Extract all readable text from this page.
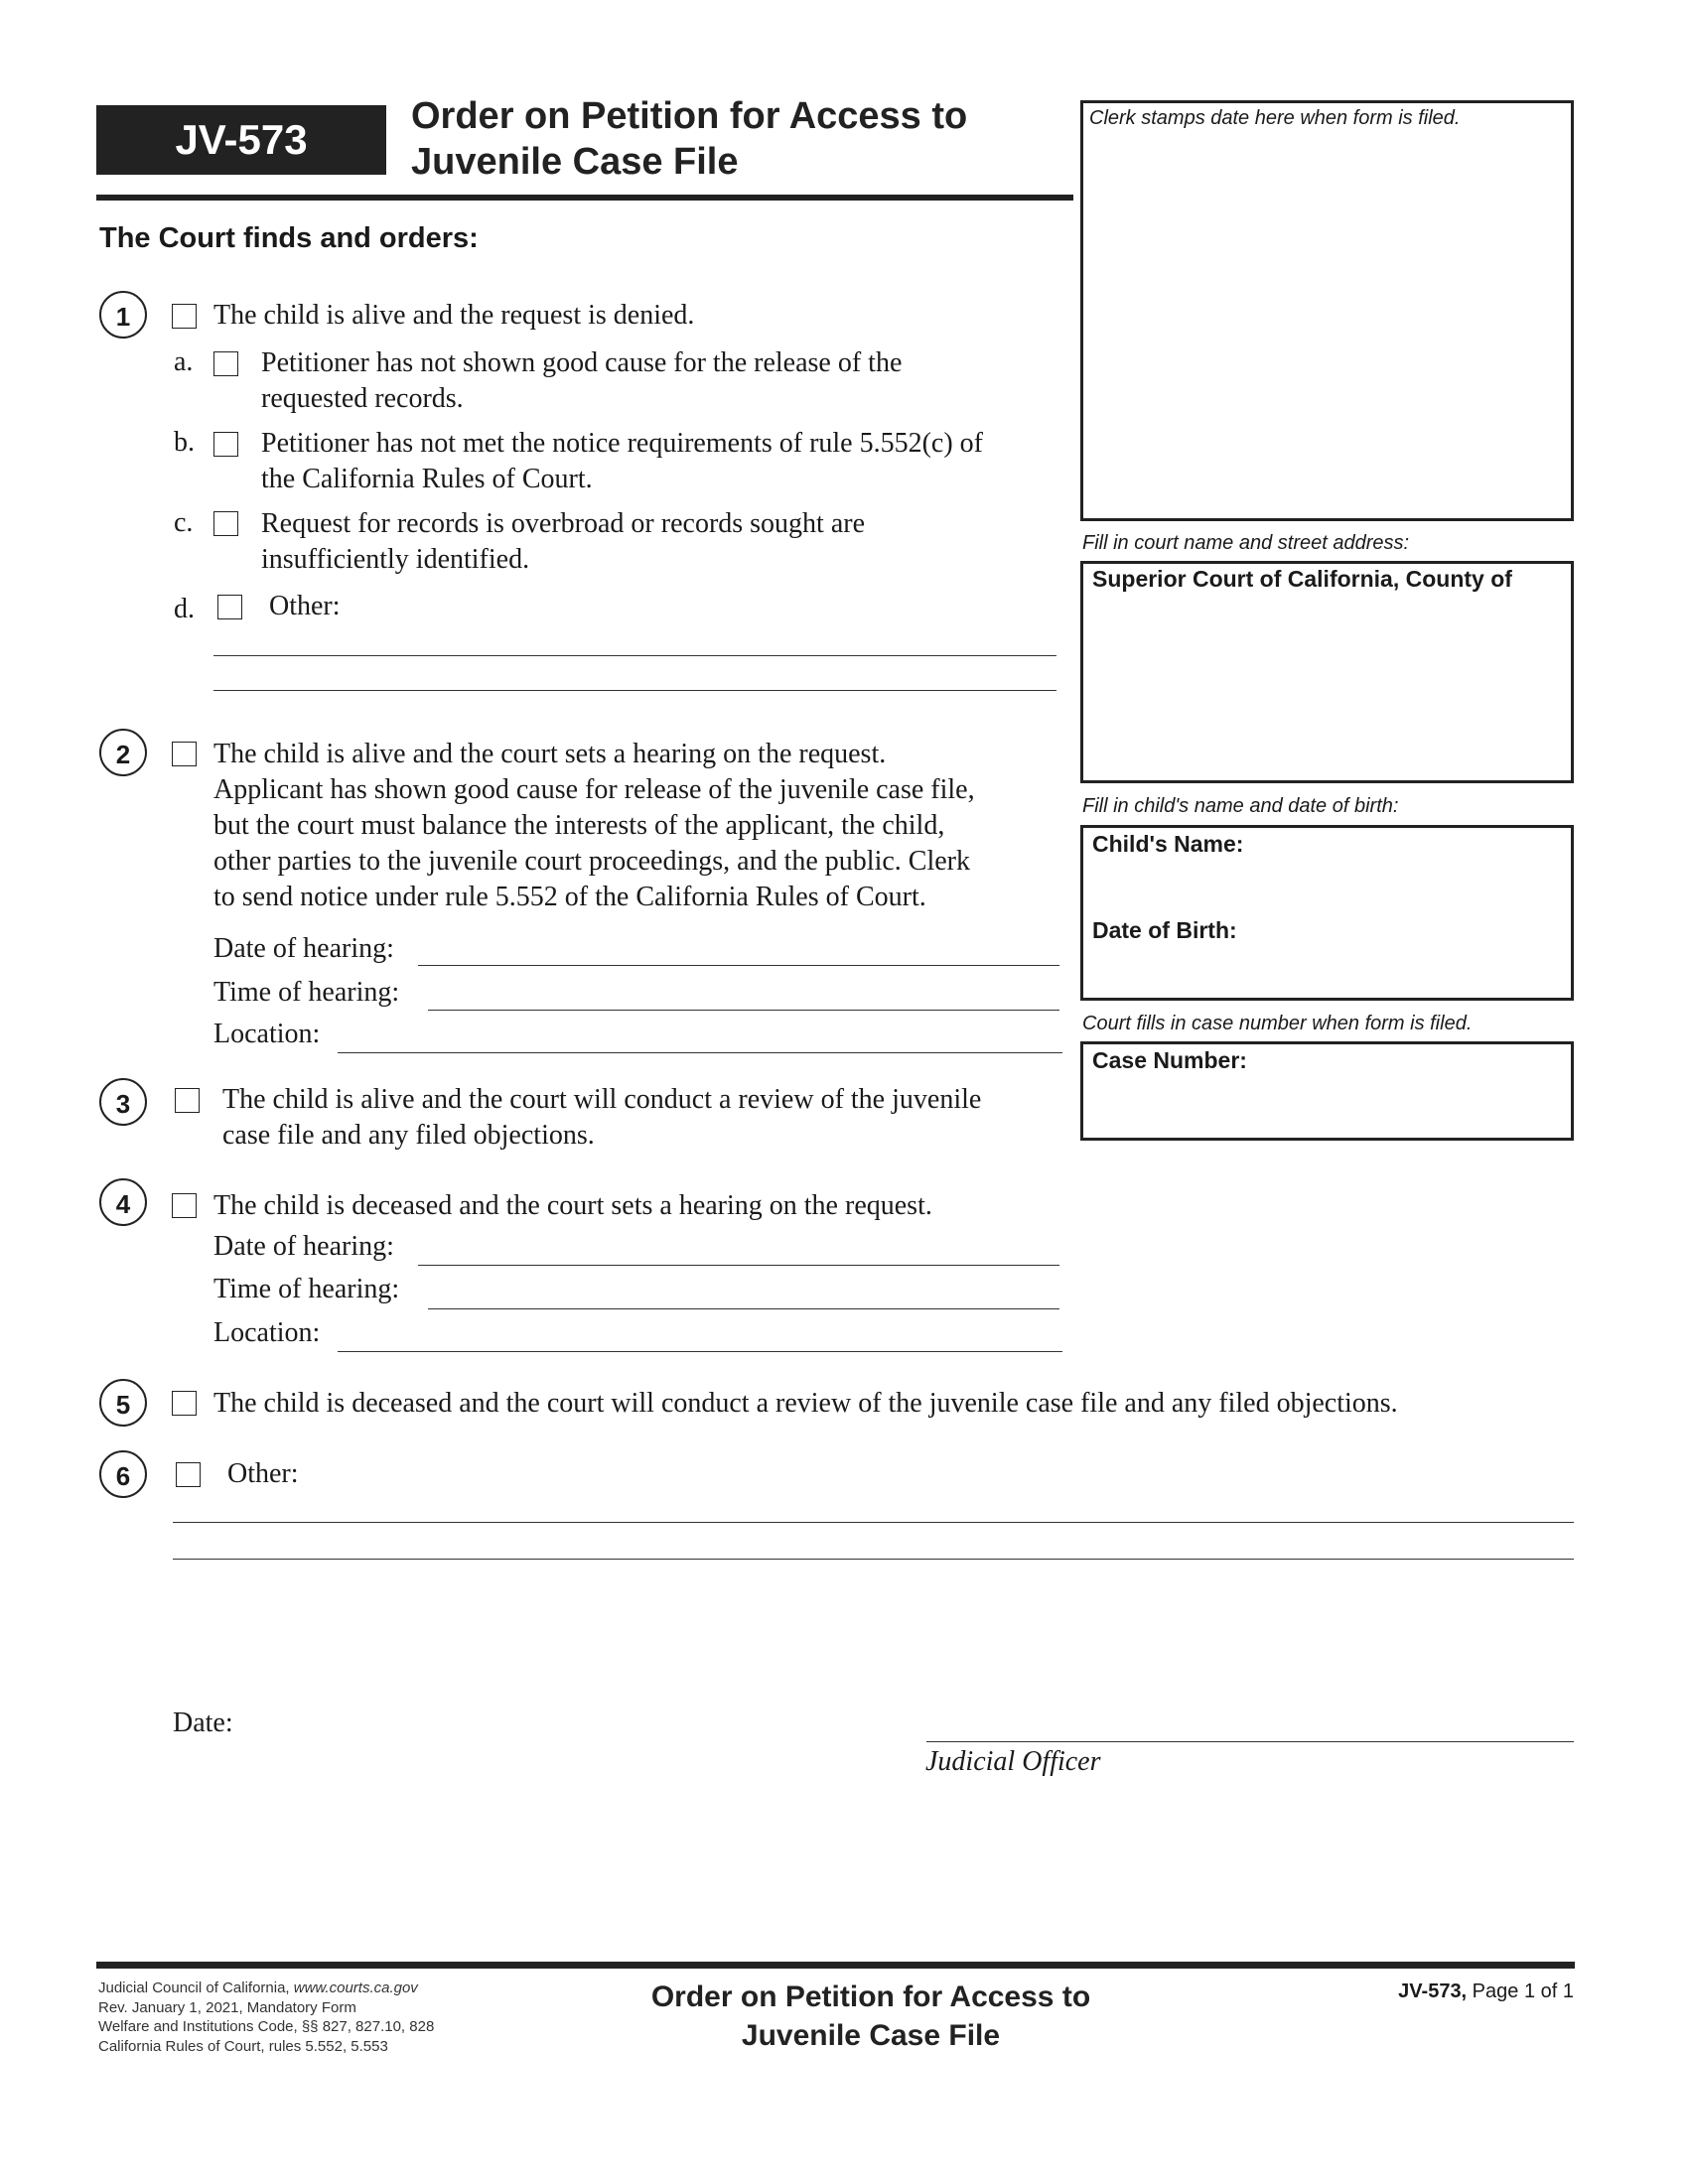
JV-573	Order on Petition for Access to
Juvenile Case File
Clerk stamps date here when form is filed.
Fill in court name and street address:
Superior Court of California, County of
Fill in child's name and date of birth:
Child's Name:
Date of Birth:
Court fills in case number when form is filed.
Case Number:
The Court finds and orders:
1	The child is alive and the request is denied.
a. Petitioner has not shown good cause for the release of the
requested records.
b. Petitioner has not met the notice requirements of rule 5.552(c) of
the California Rules of Court.
c. Request for records is overbroad or records sought are
insufficiently identified.
d.	Other:
2	The child is alive and the court sets a hearing on the request.
Applicant has shown good cause for release of the juvenile case file,
but the court must balance the interests of the applicant, the child,
other parties to the juvenile court proceedings, and the public. Clerk
to send notice under rule 5.552 of the California Rules of Court.
Date of hearing:
Time of hearing:
Location:
3	The child is alive and the court will conduct a review of the juvenile
case file and any filed objections.
4	The child is deceased and the court sets a hearing on the request.
Date of hearing:
Time of hearing:
Location:
5	The child is deceased and the court will conduct a review of the juvenile case file and any filed objections.
6	Other:
Date:
Judicial Officer
Judicial Council of California, www.courts.ca.gov
Rev. January 1, 2021, Mandatory Form
Welfare and Institutions Code, §§ 827, 827.10, 828
California Rules of Court, rules 5.552, 5.553
Order on Petition for Access to
Juvenile Case File
JV-573, Page 1 of 1
